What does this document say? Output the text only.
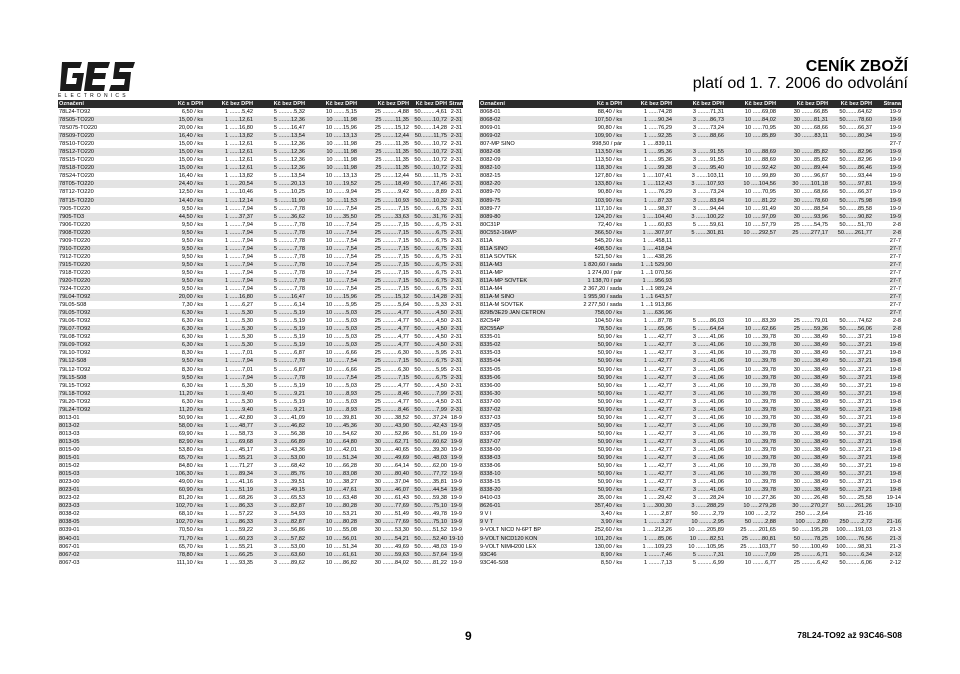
ELECTRONICS
CENÍK ZBOŽÍ
platí od 1. 7. 2006 do odvolání
Označení	Kč s DPH	Kč bez DPH	Kč bez DPH	Kč bez DPH	Kč bez DPH	Kč bez DPH	Strana
78L24-TO92	6,50 / ks	1 ........5,42	5 ..........5,32	10 ........5,15	25 ..........4,88	50..........4,61	2-31
78S05-TO220	15,00 / ks	1 ......12,61	5 ........12,36	10 ......11,98	25 ........11,35	50........10,72	2-31
78S075-TO220	20,00 / ks	1 ......16,80	5 ........16,47	10 ......15,96	25 ........15,12	50........14,28	2-31
78S09-TO220	16,40 / ks	1 ......13,82	5 ........13,54	10 ......13,13	25 ........12,44	50........11,75	2-31
78S10-TO220	15,00 / ks	1 ......12,61	5 ........12,36	10 ......11,98	25 ........11,35	50........10,72	2-31
78S12-TO220	15,00 / ks	1 ......12,61	5 ........12,36	10 ......11,98	25 ........11,35	50........10,72	2-31
78S15-TO220	15,00 / ks	1 ......12,61	5 ........12,36	10 ......11,98	25 ........11,35	50........10,72	2-31
78S18-TO220	15,00 / ks	1 ......12,61	5 ........12,36	10 ......11,98	25 ........11,35	50........10,72	2-31
78S24-TO220	16,40 / ks	1 ......13,82	5 ........13,54	10 ......13,13	25 ........12,44	50........11,75	2-31
78T05-TO220	24,40 / ks	1 ......20,54	5 ........20,13	10 ......19,52	25 ........18,49	50........17,46	2-31
78T12-TO220	12,50 / ks	1 ......10,46	5 ........10,25	10 ........9,94	25 ..........9,42	50..........8,89	2-31
78T15-TO220	14,40 / ks	1 ......12,14	5 ........11,90	10 ......11,53	25 ........10,93	50........10,32	2-31
7905-TO220	9,50 / ks	1 ........7,94	5 ..........7,78	10 ........7,54	25 ..........7,15	50..........6,75	2-31
7905-TO3	44,50 / ks	1 ......37,37	5 ........36,62	10 ......35,50	25 ........33,63	50........31,76	2-31
7906-TO220	9,50 / ks	1 ........7,94	5 ..........7,78	10 ........7,54	25 ..........7,15	50..........6,75	2-31
7908-TO220	9,50 / ks	1 ........7,94	5 ..........7,78	10 ........7,54	25 ..........7,15	50..........6,75	2-31
7909-TO220	9,50 / ks	1 ........7,94	5 ..........7,78	10 ........7,54	25 ..........7,15	50..........6,75	2-31
7910-TO220	9,50 / ks	1 ........7,94	5 ..........7,78	10 ........7,54	25 ..........7,15	50..........6,75	2-31
7912-TO220	9,50 / ks	1 ........7,94	5 ..........7,78	10 ........7,54	25 ..........7,15	50..........6,75	2-31
7915-TO220	9,50 / ks	1 ........7,94	5 ..........7,78	10 ........7,54	25 ..........7,15	50..........6,75	2-31
7918-TO220	9,50 / ks	1 ........7,94	5 ..........7,78	10 ........7,54	25 ..........7,15	50..........6,75	2-31
7920-TO220	9,50 / ks	1 ........7,94	5 ..........7,78	10 ........7,54	25 ..........7,15	50..........6,75	2-31
7924-TO220	9,50 / ks	1 ........7,94	5 ..........7,78	10 ........7,54	25 ..........7,15	50..........6,75	2-31
79L04-TO92	20,00 / ks	1 ......16,80	5 ........16,47	10 ......15,96	25 ........15,12	50........14,28	2-31
79L05-S08	7,30 / ks	1 ........6,27	5 ..........6,14	10 ........5,95	25 ..........5,64	50..........5,33	2-31
79L05-TO92	6,30 / ks	1 ........5,30	5 ..........5,19	10 ........5,03	25 ..........4,77	50..........4,50	2-31
79L06-TO92	6,30 / ks	1 ........5,30	5 ..........5,19	10 ........5,03	25 ..........4,77	50..........4,50	2-31
79L07-TO92	6,30 / ks	1 ........5,30	5 ..........5,19	10 ........5,03	25 ..........4,77	50..........4,50	2-31
79L08-TO92	6,30 / ks	1 ........5,30	5 ..........5,19	10 ........5,03	25 ..........4,77	50..........4,50	2-31
79L09-TO92	6,30 / ks	1 ........5,30	5 ..........5,19	10 ........5,03	25 ..........4,77	50..........4,50	2-31
79L10-TO92	8,30 / ks	1 ........7,01	5 ..........6,87	10 ........6,66	25 ..........6,30	50..........5,95	2-31
79L12-S08	9,50 / ks	1 ........7,94	5 ..........7,78	10 ........7,54	25 ..........7,15	50..........6,75	2-31
79L12-TO92	8,30 / ks	1 ........7,01	5 ..........6,87	10 ........6,66	25 ..........6,30	50..........5,95	2-31
79L15-S08	9,50 / ks	1 ........7,94	5 ..........7,78	10 ........7,54	25 ..........7,15	50..........6,75	2-31
79L15-TO92	6,30 / ks	1 ........5,30	5 ..........5,19	10 ........5,03	25 ..........4,77	50..........4,50	2-31
79L18-TO92	11,20 / ks	1 ........9,40	5 ..........9,21	10 ........8,93	25 ..........8,46	50..........7,99	2-31
79L20-TO92	6,30 / ks	1 ........5,30	5 ..........5,19	10 ........5,03	25 ..........4,77	50..........4,50	2-31
79L24-TO92	11,20 / ks	1 ........9,40	5 ..........9,21	10 ........8,93	25 ..........8,46	50..........7,99	2-31
8013-01	50,90 / ks	1 ......42,80	3 ........41,09	10 ......39,81	30 ........38,52	50........37,24	18-9
8013-02	58,00 / ks	1 ......48,77	3 ........46,82	10 ......45,36	30 ........43,90	50........42,43	19-9
8013-03	69,90 / ks	1 ......58,73	3 ........56,38	10 ......54,62	30 ........52,86	50........51,09	19-9
8013-05	82,90 / ks	1 ......69,68	3 ........66,89	10 ......64,80	30 ........62,71	50........60,62	19-9
8015-00	53,80 / ks	1 ......45,17	3 ........43,36	10 ......42,01	30 ........40,65	50........39,30	19-9
8015-01	65,70 / ks	1 ......55,21	3 ........53,00	10 ......51,34	30 ........49,69	50........48,03	19-9
8015-02	84,80 / ks	1 ......71,27	3 ........68,42	10 ......66,28	30 ........64,14	50........62,00	19-9
8015-03	106,30 / ks	1 ......89,34	3 ........85,76	10 ......83,08	30 ........80,40	50........77,72	19-9
8023-00	49,00 / ks	1 ......41,16	3 ........39,51	10 ......38,27	30 ........37,04	50........35,81	19-9
8023-01	60,90 / ks	1 ......51,19	3 ........49,15	10 ......47,61	30 ........46,07	50........44,54	19-9
8023-02	81,20 / ks	1 ......68,26	3 ........65,53	10 ......63,48	30 ........61,43	50........59,38	19-9
8023-03	102,70 / ks	1 ......86,33	3 ........82,87	10 ......80,28	30 ........77,69	50........75,10	19-9
8038-02	68,10 / ks	1 ......57,22	3 ........54,93	10 ......53,21	30 ........51,49	50........49,78	19-9
8038-05	102,70 / ks	1 ......86,33	3 ........82,87	10 ......80,28	30 ........77,69	50........75,10	19-9
8039-01	70,50 / ks	1 ......59,22	3 ........56,86	10 ......55,08	30 ........53,30	50........51,52	19-9
8040-01	71,70 / ks	1 ......60,23	3 ........57,82	10 ......56,01	30 ........54,21	50........52,40	19-10
8067-01	65,70 / ks	1 ......55,21	3 ........53,00	10 ......51,34	30 ........49,69	50........48,03	19-9
8067-02	78,80 / ks	1 ......66,25	3 ........63,60	10 ......61,61	30 ........59,63	50........57,64	19-9
8067-03	111,10 / ks	1 ......93,35	3 ........89,62	10 ......86,82	30 ........84,02	50........81,22	19-9
Označení	Kč s DPH	Kč bez DPH	Kč bez DPH	Kč bez DPH	Kč bez DPH	Kč bez DPH	Strana
8068-01	88,40 / ks	1 ......74,28	3 ........71,31	10 ......69,08	30 ........66,85	50........64,62	19-9
8068-02	107,50 / ks	1 ......90,34	3 ........86,73	10 ......84,02	30 ........81,31	50........78,60	19-9
8069-01	90,80 / ks	1 ......76,29	3 ........73,24	10 ......70,95	30 ........68,66	50........66,37	19-9
8069-02	109,90 / ks	1 ......92,35	3 ........88,66	10 ......85,89	30 ........83,11	50........80,34	19-9
807-MP SINO	998,50 / pár	1 .....839,11					27-7
8082-08	113,50 / ks	1 ......95,36	3 ........91,55	10 ......88,69	30 ........85,82	50........82,96	19-9
8082-09	113,50 / ks	1 ......95,36	3 ........91,55	10 ......88,69	30 ........85,82	50........82,96	19-9
8082-10	118,30 / ks	1 ......99,38	3 ........95,40	10 ......92,42	30 ........89,44	50........86,46	19-9
8082-15	127,80 / ks	1 .....107,41	3 .......103,11	10 ......99,89	30 ........96,67	50........93,44	19-9
8082-20	133,80 / ks	1 .....112,43	3 .......107,93	10 .....104,56	30 .......101,18	50........97,81	19-9
8089-70	90,80 / ks	1 ......76,29	3 ........73,24	10 ......70,95	30 ........68,66	50........66,37	19-9
8089-75	103,90 / ks	1 ......87,33	3 ........83,84	10 ......81,22	30 ........78,60	50........75,98	19-9
8089-77	117,10 / ks	1 ......98,37	3 ........94,44	10 ......91,49	30 ........88,54	50........85,58	19-9
8089-80	124,20 / ks	1 .....104,40	3 .......100,22	10 ......97,09	30 ........93,96	50........90,82	19-9
80C31P	72,40 / ks	1 ......60,83	5 ........59,61	10 ......57,79	25 ........54,75	50........51,70	2-8
80C552-16WP	366,50 / ks	1 .....307,97	5 .......301,81	10 .....292,57	25 .......277,17	50.......261,77	2-8
811A	545,20 / ks	1 .....458,11					27-7
811A SINO	498,50 / ks	1 .....418,94					27-7
811A SOVTEK	521,50 / ks	1 .....438,26					27-7
811A-M3	1 820,60 / sada	1 ...1 529,90					27-7
811A-MP	1 274,00 / pár	1 ...1 070,56					27-7
811A-MP SOVTEK	1 138,70 / pár	1 .....956,93					27-7
811A-M4	2 367,20 / sada	1 ...1 989,24					27-7
811A-M SINO	1 955,90 / sada	1 ...1 643,57					27-7
811A-M SOVTEK	2 277,50 / sada	1 ...1 913,86					27-7
829B/3E29 JAN CETRON	758,00 / ks	1 .....636,96					27-7
82C54P	104,50 / ks	1 ......87,78	5 ........86,03	10 ......83,39	25 ........79,01	50........74,62	2-8
82C55AP	78,50 / ks	1 ......65,96	5 ........64,64	10 ......62,66	25 ........59,36	50........56,06	2-8
8335-01	50,90 / ks	1 ......42,77	3 ........41,06	10 ......39,78	30 ........38,49	50........37,21	19-8
8335-02	50,90 / ks	1 ......42,77	3 ........41,06	10 ......39,78	30 ........38,49	50........37,21	19-8
8335-03	50,90 / ks	1 ......42,77	3 ........41,06	10 ......39,78	30 ........38,49	50........37,21	19-8
8335-04	50,90 / ks	1 ......42,77	3 ........41,06	10 ......39,78	30 ........38,49	50........37,21	19-8
8335-05	50,90 / ks	1 ......42,77	3 ........41,06	10 ......39,78	30 ........38,49	50........37,21	19-8
8335-06	50,90 / ks	1 ......42,77	3 ........41,06	10 ......39,78	30 ........38,49	50........37,21	19-8
8336-00	50,90 / ks	1 ......42,77	3 ........41,06	10 ......39,78	30 ........38,49	50........37,21	19-8
8336-30	50,90 / ks	1 ......42,77	3 ........41,06	10 ......39,78	30 ........38,49	50........37,21	19-8
8337-00	50,90 / ks	1 ......42,77	3 ........41,06	10 ......39,78	30 ........38,49	50........37,21	19-8
8337-02	50,90 / ks	1 ......42,77	3 ........41,06	10 ......39,78	30 ........38,49	50........37,21	19-8
8337-03	50,90 / ks	1 ......42,77	3 ........41,06	10 ......39,78	30 ........38,49	50........37,21	19-8
8337-05	50,90 / ks	1 ......42,77	3 ........41,06	10 ......39,78	30 ........38,49	50........37,21	19-8
8337-06	50,90 / ks	1 ......42,77	3 ........41,06	10 ......39,78	30 ........38,49	50........37,21	19-8
8337-07	50,90 / ks	1 ......42,77	3 ........41,06	10 ......39,78	30 ........38,49	50........37,21	19-8
8338-00	50,90 / ks	1 ......42,77	3 ........41,06	10 ......39,78	30 ........38,49	50........37,21	19-8
8338-03	50,90 / ks	1 ......42,77	3 ........41,06	10 ......39,78	30 ........38,49	50........37,21	19-8
8338-06	50,90 / ks	1 ......42,77	3 ........41,06	10 ......39,78	30 ........38,49	50........37,21	19-8
8338-10	50,90 / ks	1 ......42,77	3 ........41,06	10 ......39,78	30 ........38,49	50........37,21	19-8
8338-15	50,90 / ks	1 ......42,77	3 ........41,06	10 ......39,78	30 ........38,49	50........37,21	19-8
8338-20	50,90 / ks	1 ......42,77	3 ........41,06	10 ......39,78	30 ........38,49	50........37,21	19-8
8410-03	35,00 / ks	1 ......29,42	3 ........28,24	10 ......27,36	30 ........26,48	50........25,58	19-14
8626-01	357,40 / ks	1 .....300,30	3 .......288,29	10 .....279,28	30 .......270,27	50.......261,26	19-10
9 V I	3,40 / ks	1 ........2,87	50 .........2,79	100 ......2,72	250 .......2,64	21-16	
9 V T	3,90 / ks	1 ........3,27	10 .........2,95	50 ........2,88	100 .......2,80	250 .......2,72	21-16
9-VOLT NICD N-6PT BP	252,60 / ks	1 .....212,26	10 .......205,89	25 .......201,65	50 .......195,28	100......191,03	21-3
9-VOLT NICD120 KON	101,20 / ks	1 ......85,06	10 ........82,51	25 ........80,81	50 ........78,25	100........76,56	21-3
9-VOLT NIMH200 LEX	130,00 / ks	1 .....109,23	10 .......105,95	25 .......103,77	50 .......100,49	100........98,31	21-3
93C46	8,90 / ks	1 ........7,46	5 ..........7,31	10 ........7,09	25 ..........6,71	50..........6,34	2-12
93C46-S08	8,50 / ks	1 ........7,13	5 ..........6,99	10 ........6,77	25 ..........6,42	50..........6,06	2-12
9	78L24-TO92 až 93C46-S08
